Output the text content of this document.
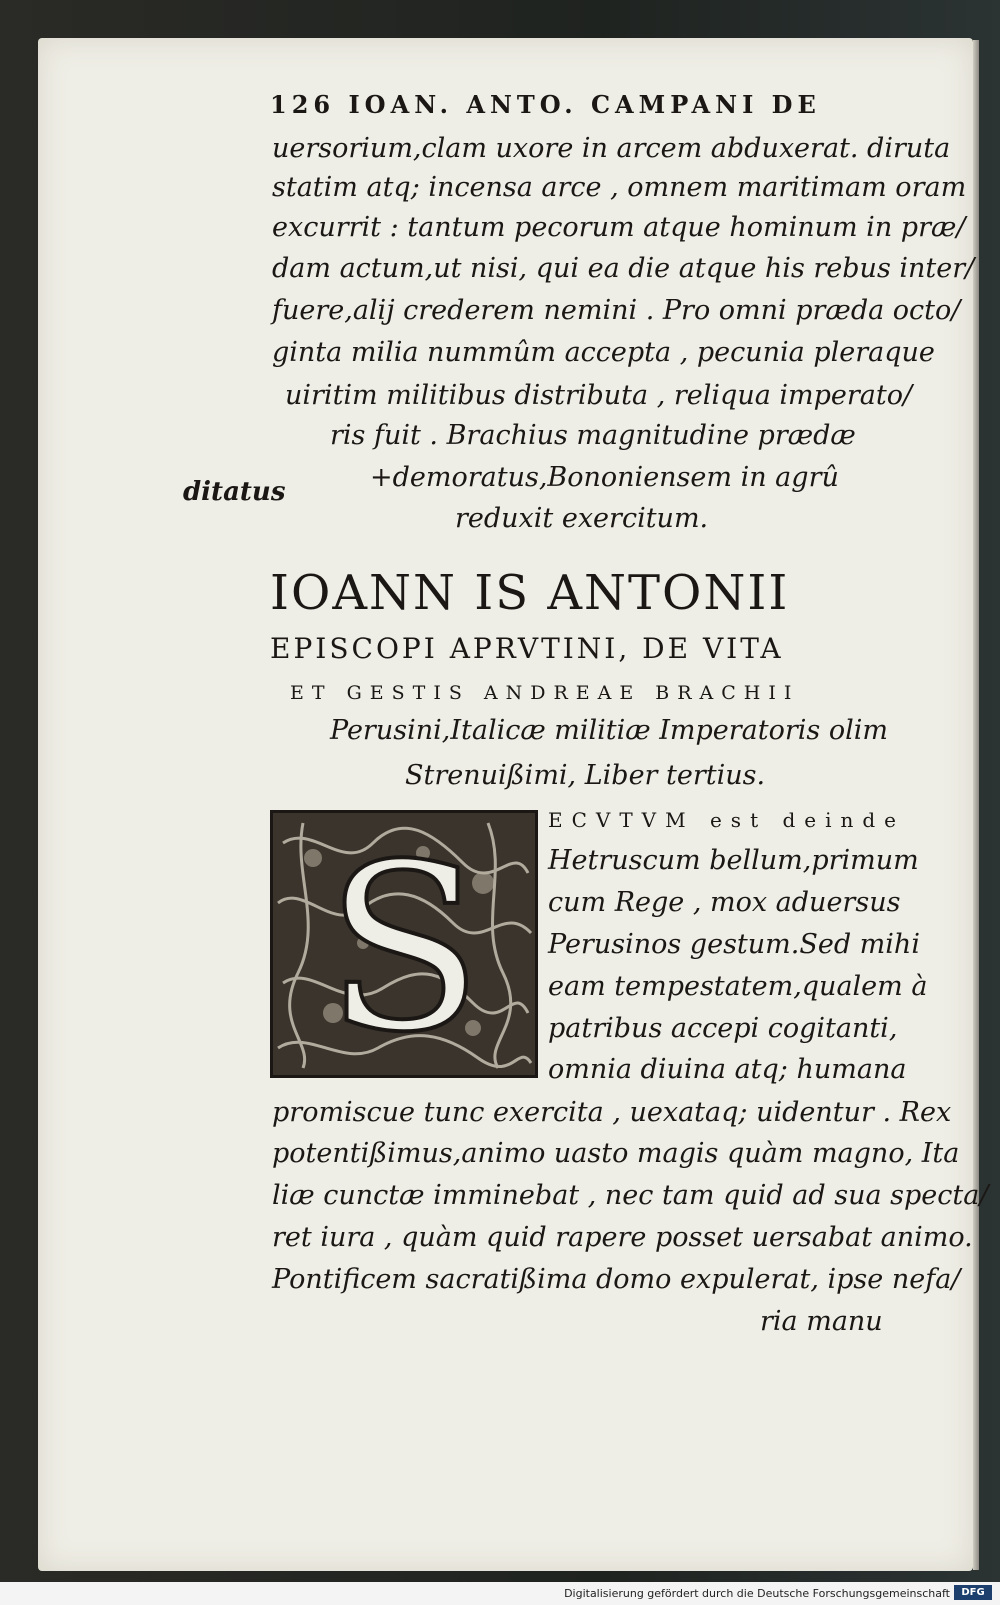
126 IOAN. ANTO. CAMPANI DE
uersorium,clam uxore in arcem abduxerat. diruta
statim atq; incensa arce , omnem maritimam oram
excurrit : tantum pecorum atque hominum in præ/
dam actum,ut nisi, qui ea die atque his rebus inter/
fuere,alij crederem nemini . Pro omni præda octo/
ginta milia nummûm accepta , pecunia pleraque
uiritim militibus distributa , reliqua imperato/
ris fuit . Brachius magnitudine prædæ
+demoratus,Bononiensem in agrû
reduxit exercitum.
ditatus
IOANN IS ANTONII
EPISCOPI APRVTINI, DE VITA
ET GESTIS ANDREAE BRACHII
Perusini,Italicæ militiæ Imperatoris olim
Strenuißimi, Liber tertius.
S	ECVTVM est deinde
Hetruscum bellum,primum
cum Rege , mox aduersus
Perusinos gestum.Sed mihi
eam tempestatem,qualem à
patribus accepi cogitanti,
omnia diuina atq; humana
promiscue tunc exercita , uexataq; uidentur . Rex
potentißimus,animo uasto magis quàm magno, Ita
liæ cunctæ imminebat , nec tam quid ad sua specta/
ret iura , quàm quid rapere posset uersabat animo.
Pontificem sacratißima domo expulerat, ipse nefa/
ria manu
Digitalisierung gefördert durch die Deutsche Forschungsgemeinschaft	DFG
